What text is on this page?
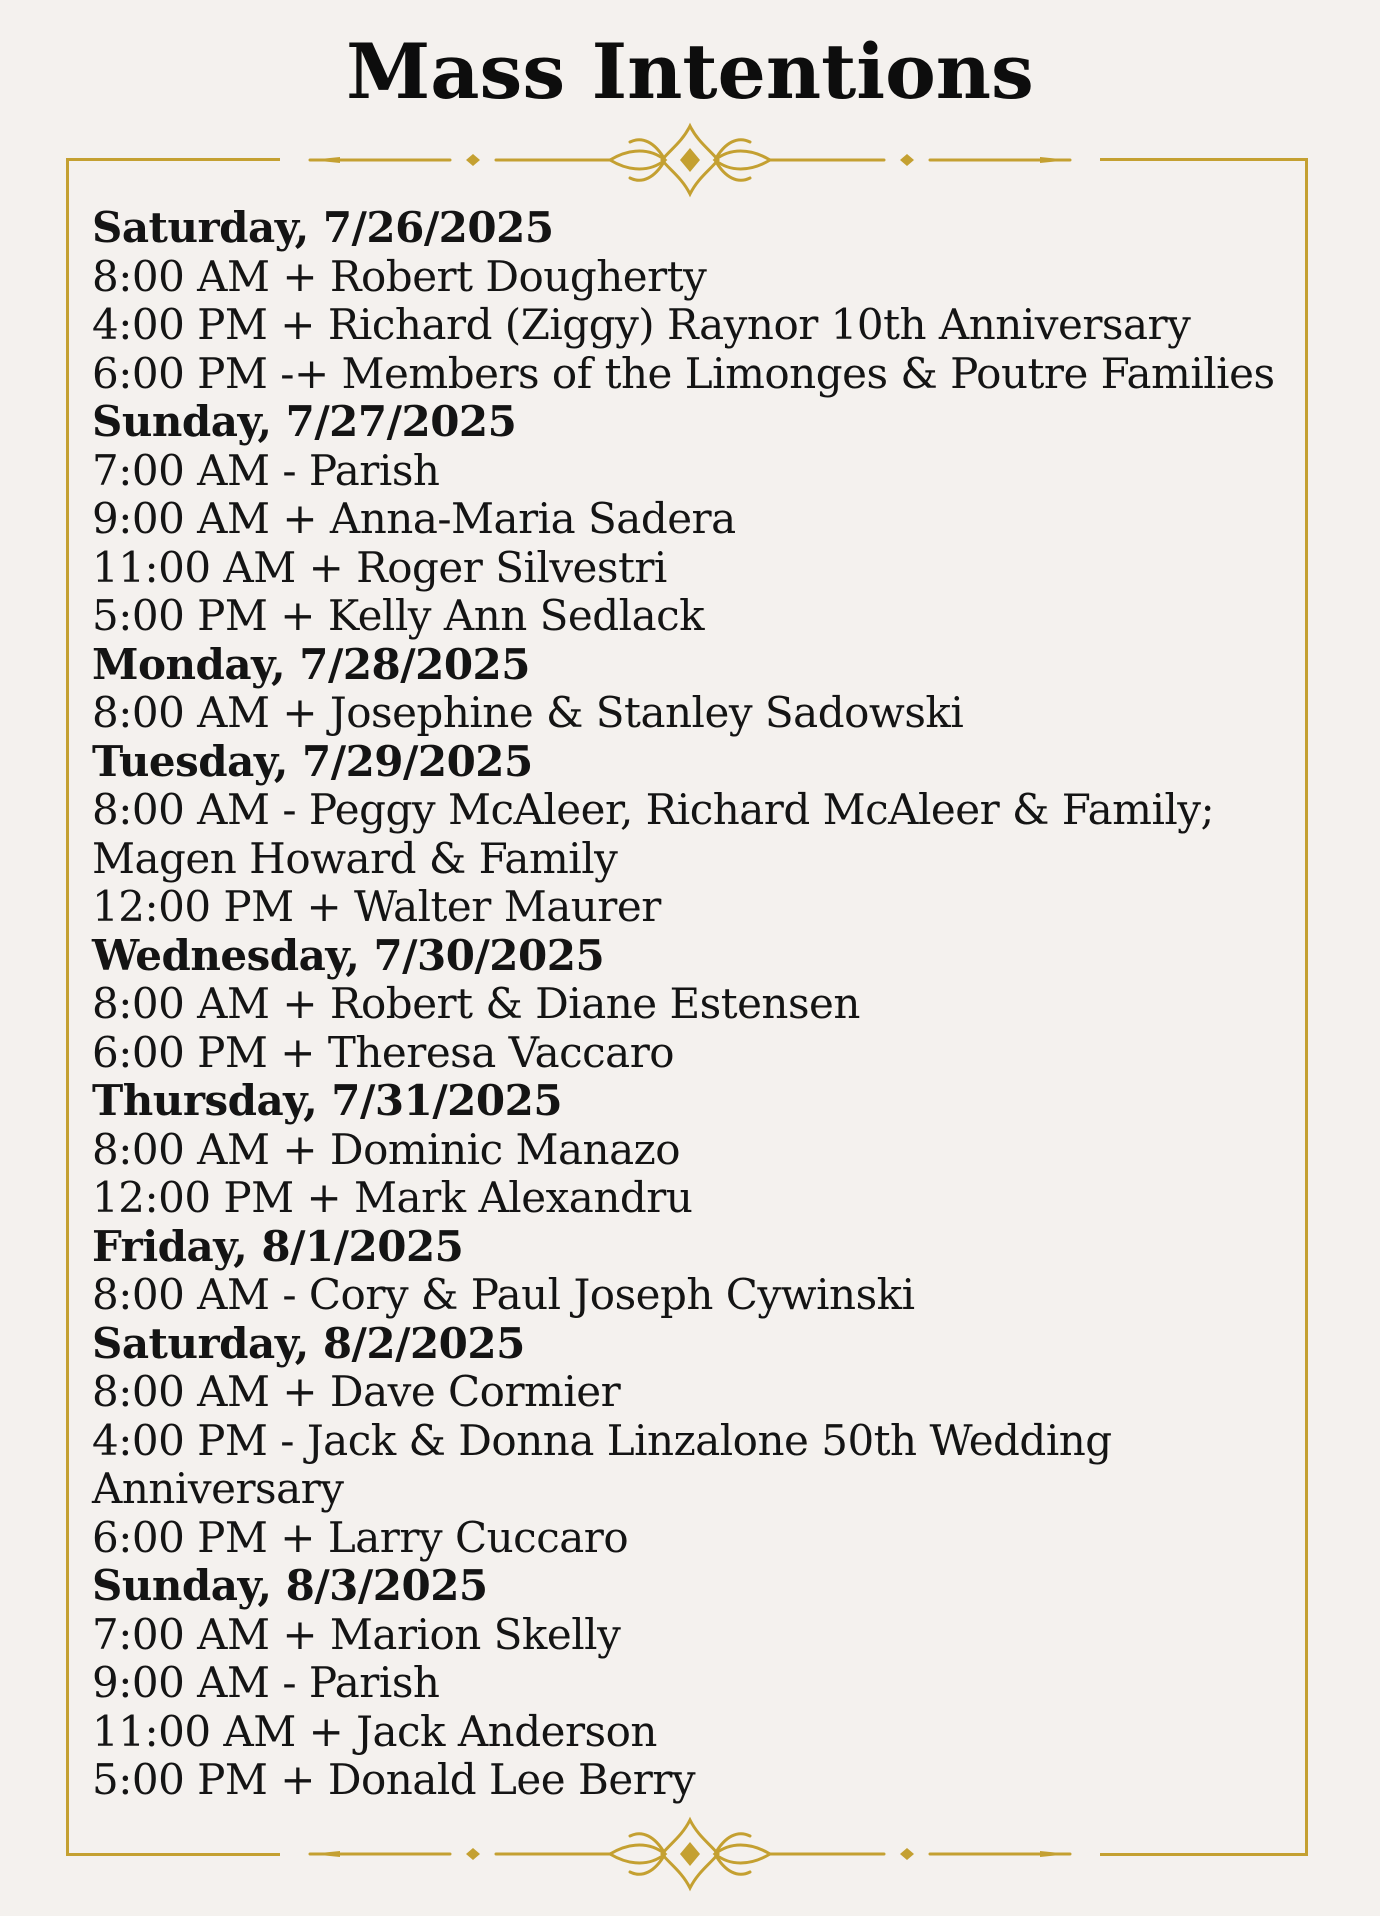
Mass Intentions
Saturday, 7/26/2025
8:00 AM + Robert Dougherty
4:00 PM + Richard (Ziggy) Raynor 10th Anniversary
6:00 PM -+ Members of the Limonges & Poutre Families
Sunday, 7/27/2025
7:00 AM - Parish
9:00 AM + Anna-Maria Sadera
11:00 AM + Roger Silvestri
5:00 PM + Kelly Ann Sedlack
Monday, 7/28/2025
8:00 AM + Josephine & Stanley Sadowski
Tuesday, 7/29/2025
8:00 AM - Peggy McAleer, Richard McAleer & Family; Magen Howard & Family
12:00 PM + Walter Maurer
Wednesday, 7/30/2025
8:00 AM + Robert & Diane Estensen
6:00 PM + Theresa Vaccaro
Thursday, 7/31/2025
8:00 AM + Dominic Manazo
12:00 PM + Mark Alexandru
Friday, 8/1/2025
8:00 AM - Cory & Paul Joseph Cywinski
Saturday, 8/2/2025
8:00 AM + Dave Cormier
4:00 PM - Jack & Donna Linzalone 50th Wedding Anniversary
6:00 PM + Larry Cuccaro
Sunday, 8/3/2025
7:00 AM + Marion Skelly
9:00 AM - Parish
11:00 AM + Jack Anderson
5:00 PM + Donald Lee Berry
